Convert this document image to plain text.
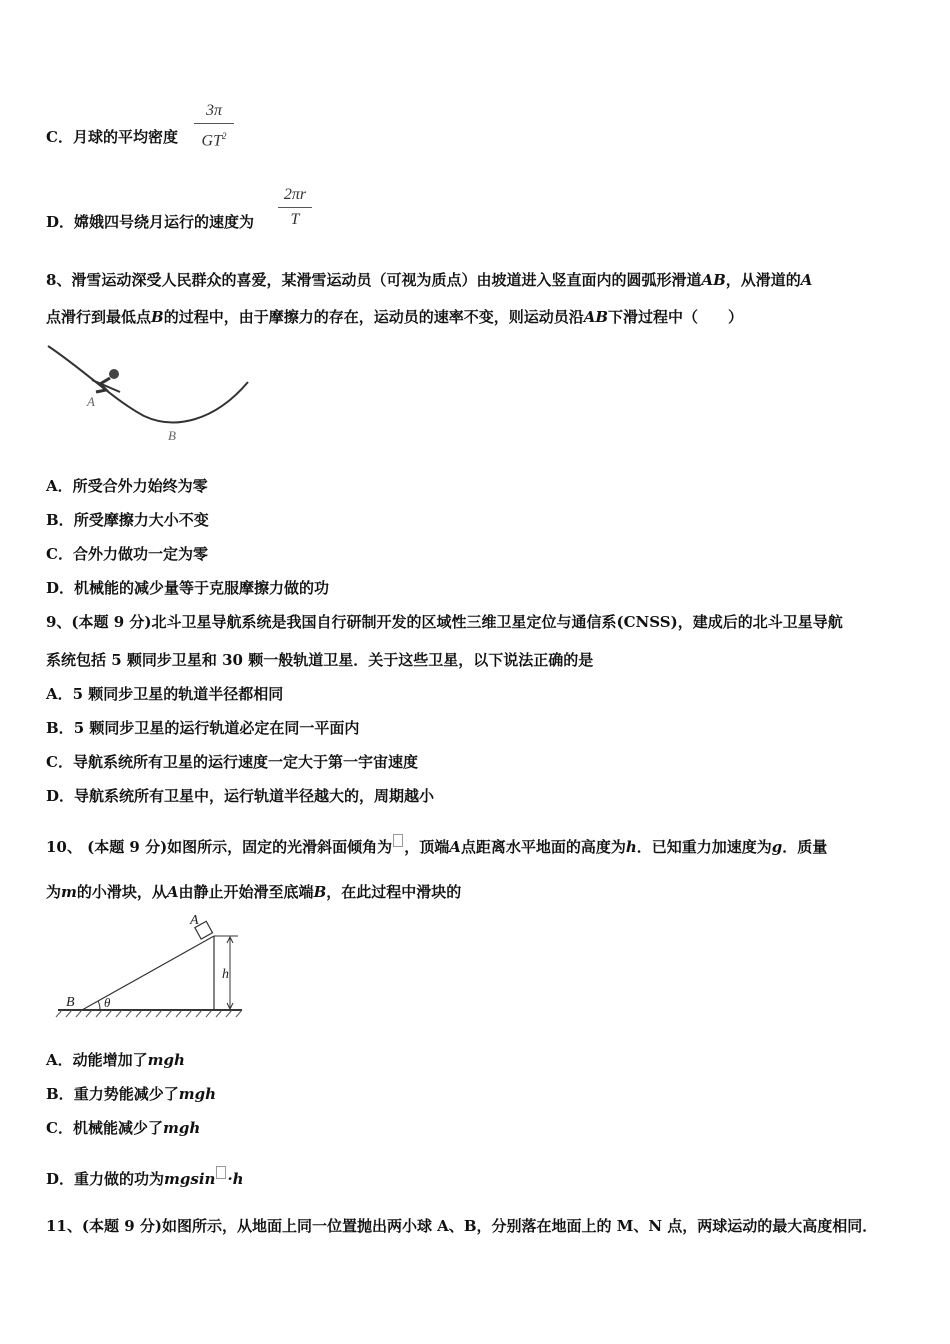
C．月球的平均密度
3π
$GT^2$
D．嫦娥四号绕月运行的速度为
2πr
T
8、滑雪运动深受人民群众的喜爱，某滑雪运动员（可视为质点）由坡道进入竖直面内的圆弧形滑道AB，从滑道的A
点滑行到最低点B的过程中，由于摩擦力的存在，运动员的速率不变，则运动员沿AB下滑过程中（　　）
A
B
A．所受合外力始终为零
B．所受摩擦力大小不变
C．合外力做功一定为零
D．机械能的减少量等于克服摩擦力做的功
9、(本题 9 分)北斗卫星导航系统是我国自行研制开发的区域性三维卫星定位与通信系(CNSS)，建成后的北斗卫星导航
系统包括 5 颗同步卫星和 30 颗一般轨道卫星．关于这些卫星，以下说法正确的是
A．5 颗同步卫星的轨道半径都相同
B．5 颗同步卫星的运行轨道必定在同一平面内
C．导航系统所有卫星的运行速度一定大于第一宇宙速度
D．导航系统所有卫星中，运行轨道半径越大的，周期越小
10、 (本题 9 分)如图所示，固定的光滑斜面倾角为 ，顶端A点距离水平地面的高度为h．已知重力加速度为g．质量
为m的小滑块，从A由静止开始滑至底端B，在此过程中滑块的
A
B
h
θ
A．动能增加了mgh
B．重力势能减少了mgh
C．机械能减少了mgh
D．重力做的功为mgsin ·h
11、(本题 9 分)如图所示，从地面上同一位置抛出两小球 A、B，分别落在地面上的 M、N 点，两球运动的最大高度相同．
